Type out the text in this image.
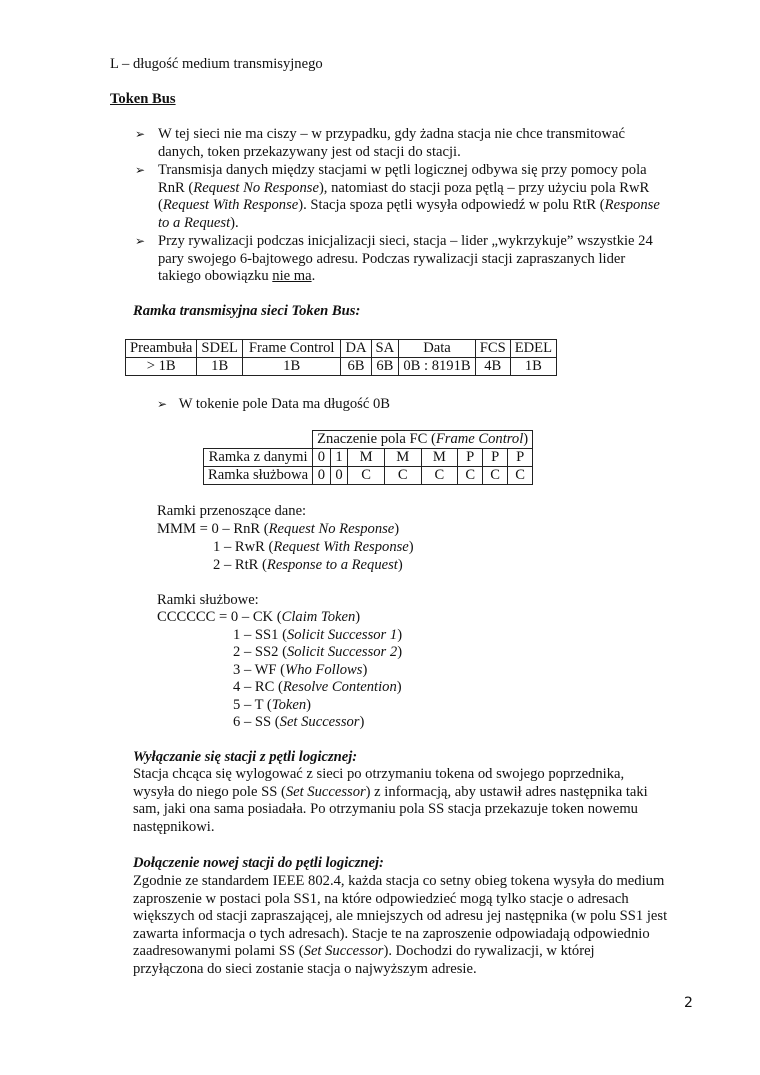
L – długość medium transmisyjnego
Token Bus
➢ W tej sieci nie ma ciszy – w przypadku, gdy żadna stacja nie chce transmitować danych, token przekazywany jest od stacji do stacji.
➢ Transmisja danych między stacjami w pętli logicznej odbywa się przy pomocy pola RnR (Request No Response), natomiast do stacji poza pętlą – przy użyciu pola RwR (Request With Response). Stacja spoza pętli wysyła odpowiedź w polu RtR (Response to a Request).
➢ Przy rywalizacji podczas inicjalizacji sieci, stacja – lider „wykrzykuje” wszystkie 24 pary swojego 6-bajtowego adresu. Podczas rywalizacji stacji zapraszanych lider takiego obowiązku nie ma.
Ramka transmisyjna sieci Token Bus:
Preambuła	SDEL	Frame Control	DA	SA	Data	FCS	EDEL
> 1B	1B	1B	6B	6B	0B : 8191B	4B	1B
➢ W tokenie pole Data ma długość 0B
	Znaczenie pola FC (Frame Control)							
Ramka z danymi	0	1	M	M	M	P	P	P
Ramka służbowa	0	0	C	C	C	C	C	C
Ramki przenoszące dane:
MMM = 0 – RnR (Request No Response)
1 – RwR (Request With Response)
2 – RtR (Response to a Request)
Ramki służbowe:
CCCCCC = 0 – CK (Claim Token)
1 – SS1 (Solicit Successor 1)
2 – SS2 (Solicit Successor 2)
3 – WF (Who Follows)
4 – RC (Resolve Contention)
5 – T (Token)
6 – SS (Set Successor)
Wyłączanie się stacji z pętli logicznej:
Stacja chcąca się wylogować z sieci po otrzymaniu tokena od swojego poprzednika, wysyła do niego pole SS (Set Successor) z informacją, aby ustawił adres następnika taki sam, jaki ona sama posiadała. Po otrzymaniu pola SS stacja przekazuje token nowemu następnikowi.
Dołączenie nowej stacji do pętli logicznej:
Zgodnie ze standardem IEEE 802.4, każda stacja co setny obieg tokena wysyła do medium zaproszenie w postaci pola SS1, na które odpowiedzieć mogą tylko stacje o adresach większych od stacji zapraszającej, ale mniejszych od adresu jej następnika (w polu SS1 jest zawarta informacja o tych adresach). Stacje te na zaproszenie odpowiadają odpowiednio zaadresowanymi polami SS (Set Successor). Dochodzi do rywalizacji, w której przyłączona do sieci zostanie stacja o najwyższym adresie.
2
